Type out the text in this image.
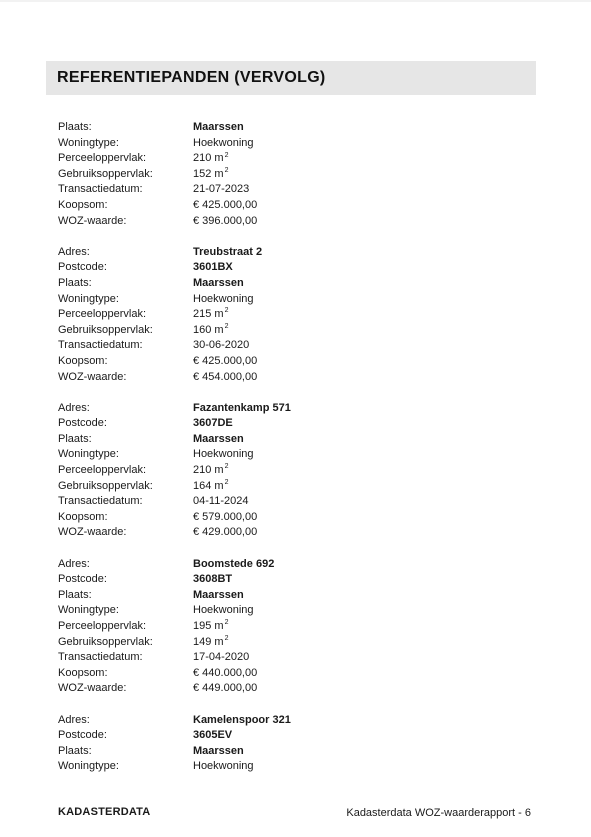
REFERENTIEPANDEN (VERVOLG)
Plaats:	Maarssen
Woningtype:	Hoekwoning
Perceeloppervlak:	210 $m^2$
Gebruiksoppervlak:	152 $m^2$
Transactiedatum:	21-07-2023
Koopsom:	€ 425.000,00
WOZ-waarde:	€ 396.000,00
Adres:	Treubstraat 2
Postcode:	3601BX
Plaats:	Maarssen
Woningtype:	Hoekwoning
Perceeloppervlak:	215 $m^2$
Gebruiksoppervlak:	160 $m^2$
Transactiedatum:	30-06-2020
Koopsom:	€ 425.000,00
WOZ-waarde:	€ 454.000,00
Adres:	Fazantenkamp 571
Postcode:	3607DE
Plaats:	Maarssen
Woningtype:	Hoekwoning
Perceeloppervlak:	210 $m^2$
Gebruiksoppervlak:	164 $m^2$
Transactiedatum:	04-11-2024
Koopsom:	€ 579.000,00
WOZ-waarde:	€ 429.000,00
Adres:	Boomstede 692
Postcode:	3608BT
Plaats:	Maarssen
Woningtype:	Hoekwoning
Perceeloppervlak:	195 $m^2$
Gebruiksoppervlak:	149 $m^2$
Transactiedatum:	17-04-2020
Koopsom:	€ 440.000,00
WOZ-waarde:	€ 449.000,00
Adres:	Kamelenspoor 321
Postcode:	3605EV
Plaats:	Maarssen
Woningtype:	Hoekwoning
KADASTERDATA	Kadasterdata WOZ-waarderapport - 6
